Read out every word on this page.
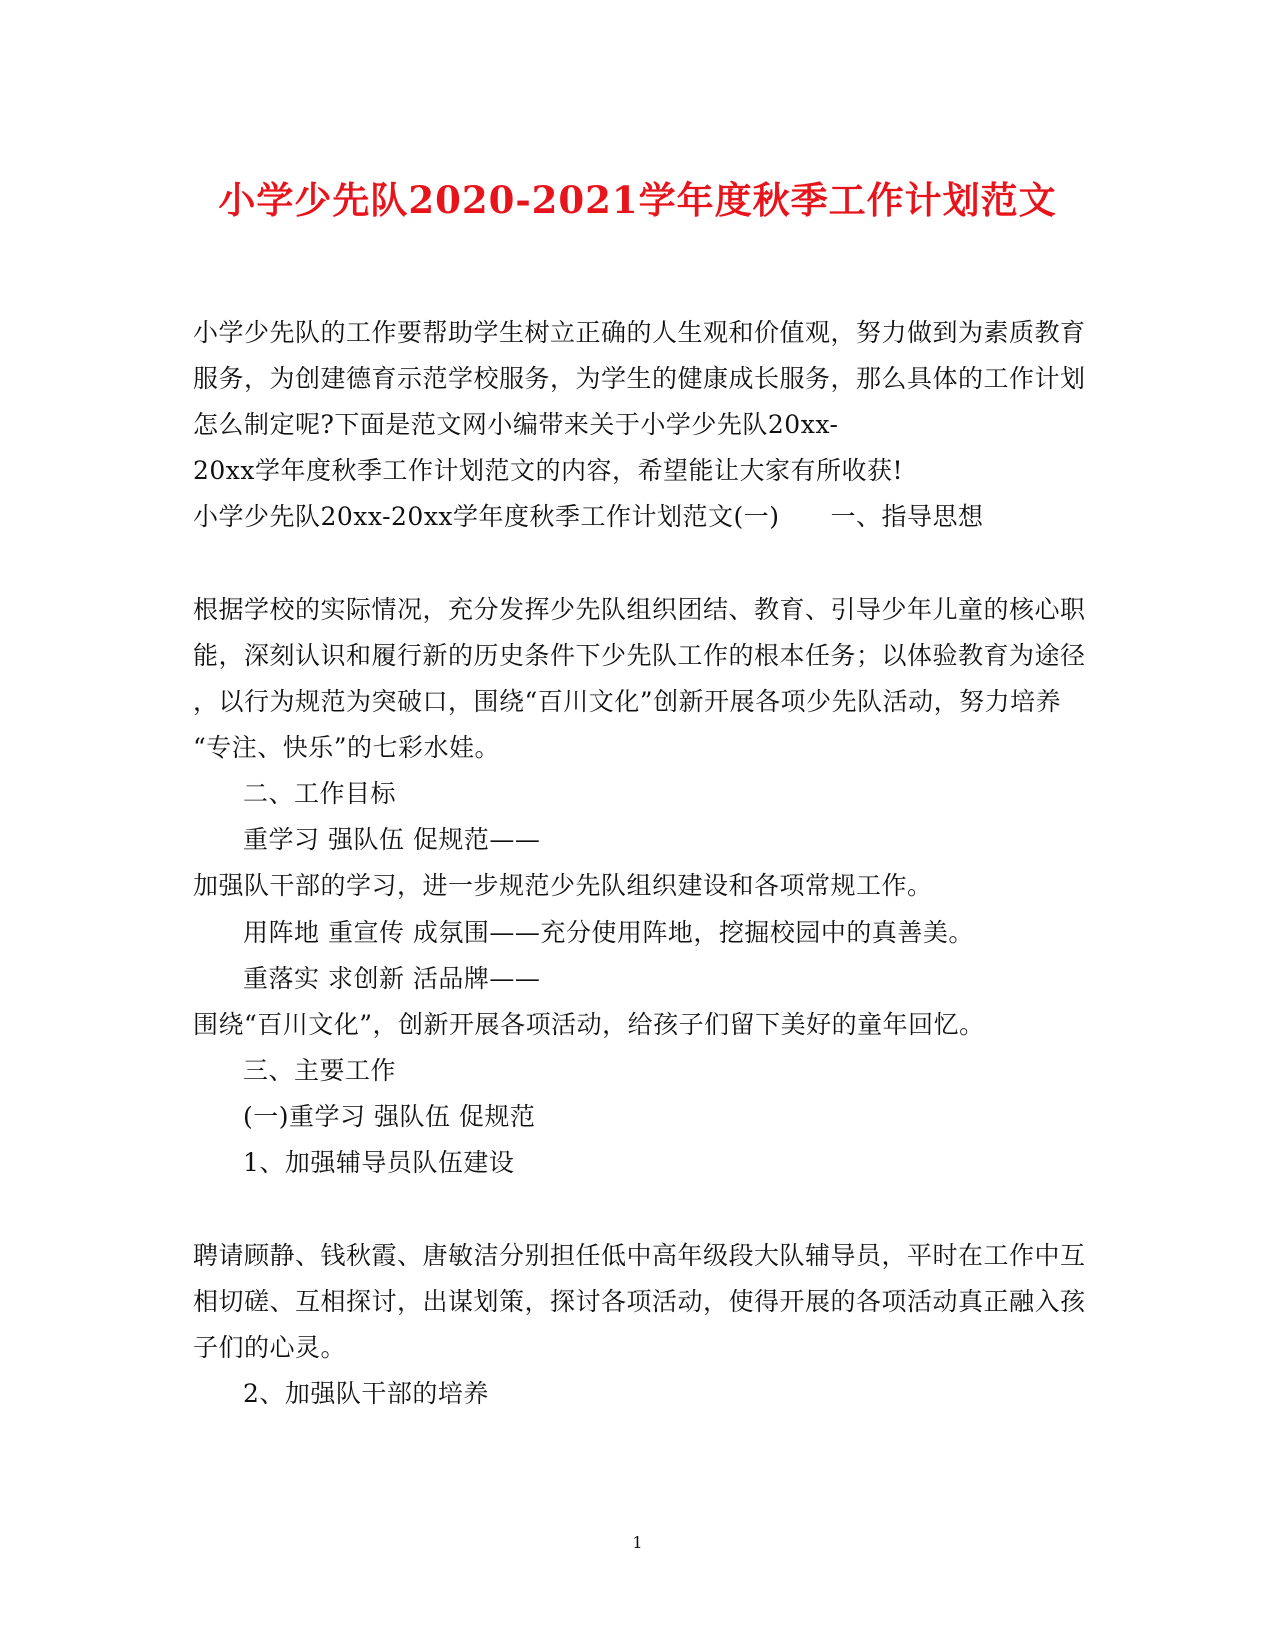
小学少先队2020-2021学年度秋季工作计划范文
小学少先队的工作要帮助学生树立正确的人生观和价值观，努力做到为素质教育
服务，为创建德育示范学校服务，为学生的健康成长服务，那么具体的工作计划
怎么制定呢?下面是范文网小编带来关于小学少先队20xx-
20xx学年度秋季工作计划范文的内容，希望能让大家有所收获!
小学少先队20xx-20xx学年度秋季工作计划范文(一)　　一、指导思想
根据学校的实际情况，充分发挥少先队组织团结、教育、引导少年儿童的核心职
能，深刻认识和履行新的历史条件下少先队工作的根本任务；以体验教育为途径
，以行为规范为突破口，围绕“百川文化”创新开展各项少先队活动，努力培养
“专注、快乐”的七彩水娃。
二、工作目标
重学习 强队伍 促规范——
加强队干部的学习，进一步规范少先队组织建设和各项常规工作。
用阵地 重宣传 成氛围——充分使用阵地，挖掘校园中的真善美。
重落实 求创新 活品牌——
围绕“百川文化”，创新开展各项活动，给孩子们留下美好的童年回忆。
三、主要工作
(一)重学习 强队伍 促规范
1、加强辅导员队伍建设
聘请顾静、钱秋霞、唐敏洁分别担任低中高年级段大队辅导员，平时在工作中互
相切磋、互相探讨，出谋划策，探讨各项活动，使得开展的各项活动真正融入孩
子们的心灵。
2、加强队干部的培养
1
